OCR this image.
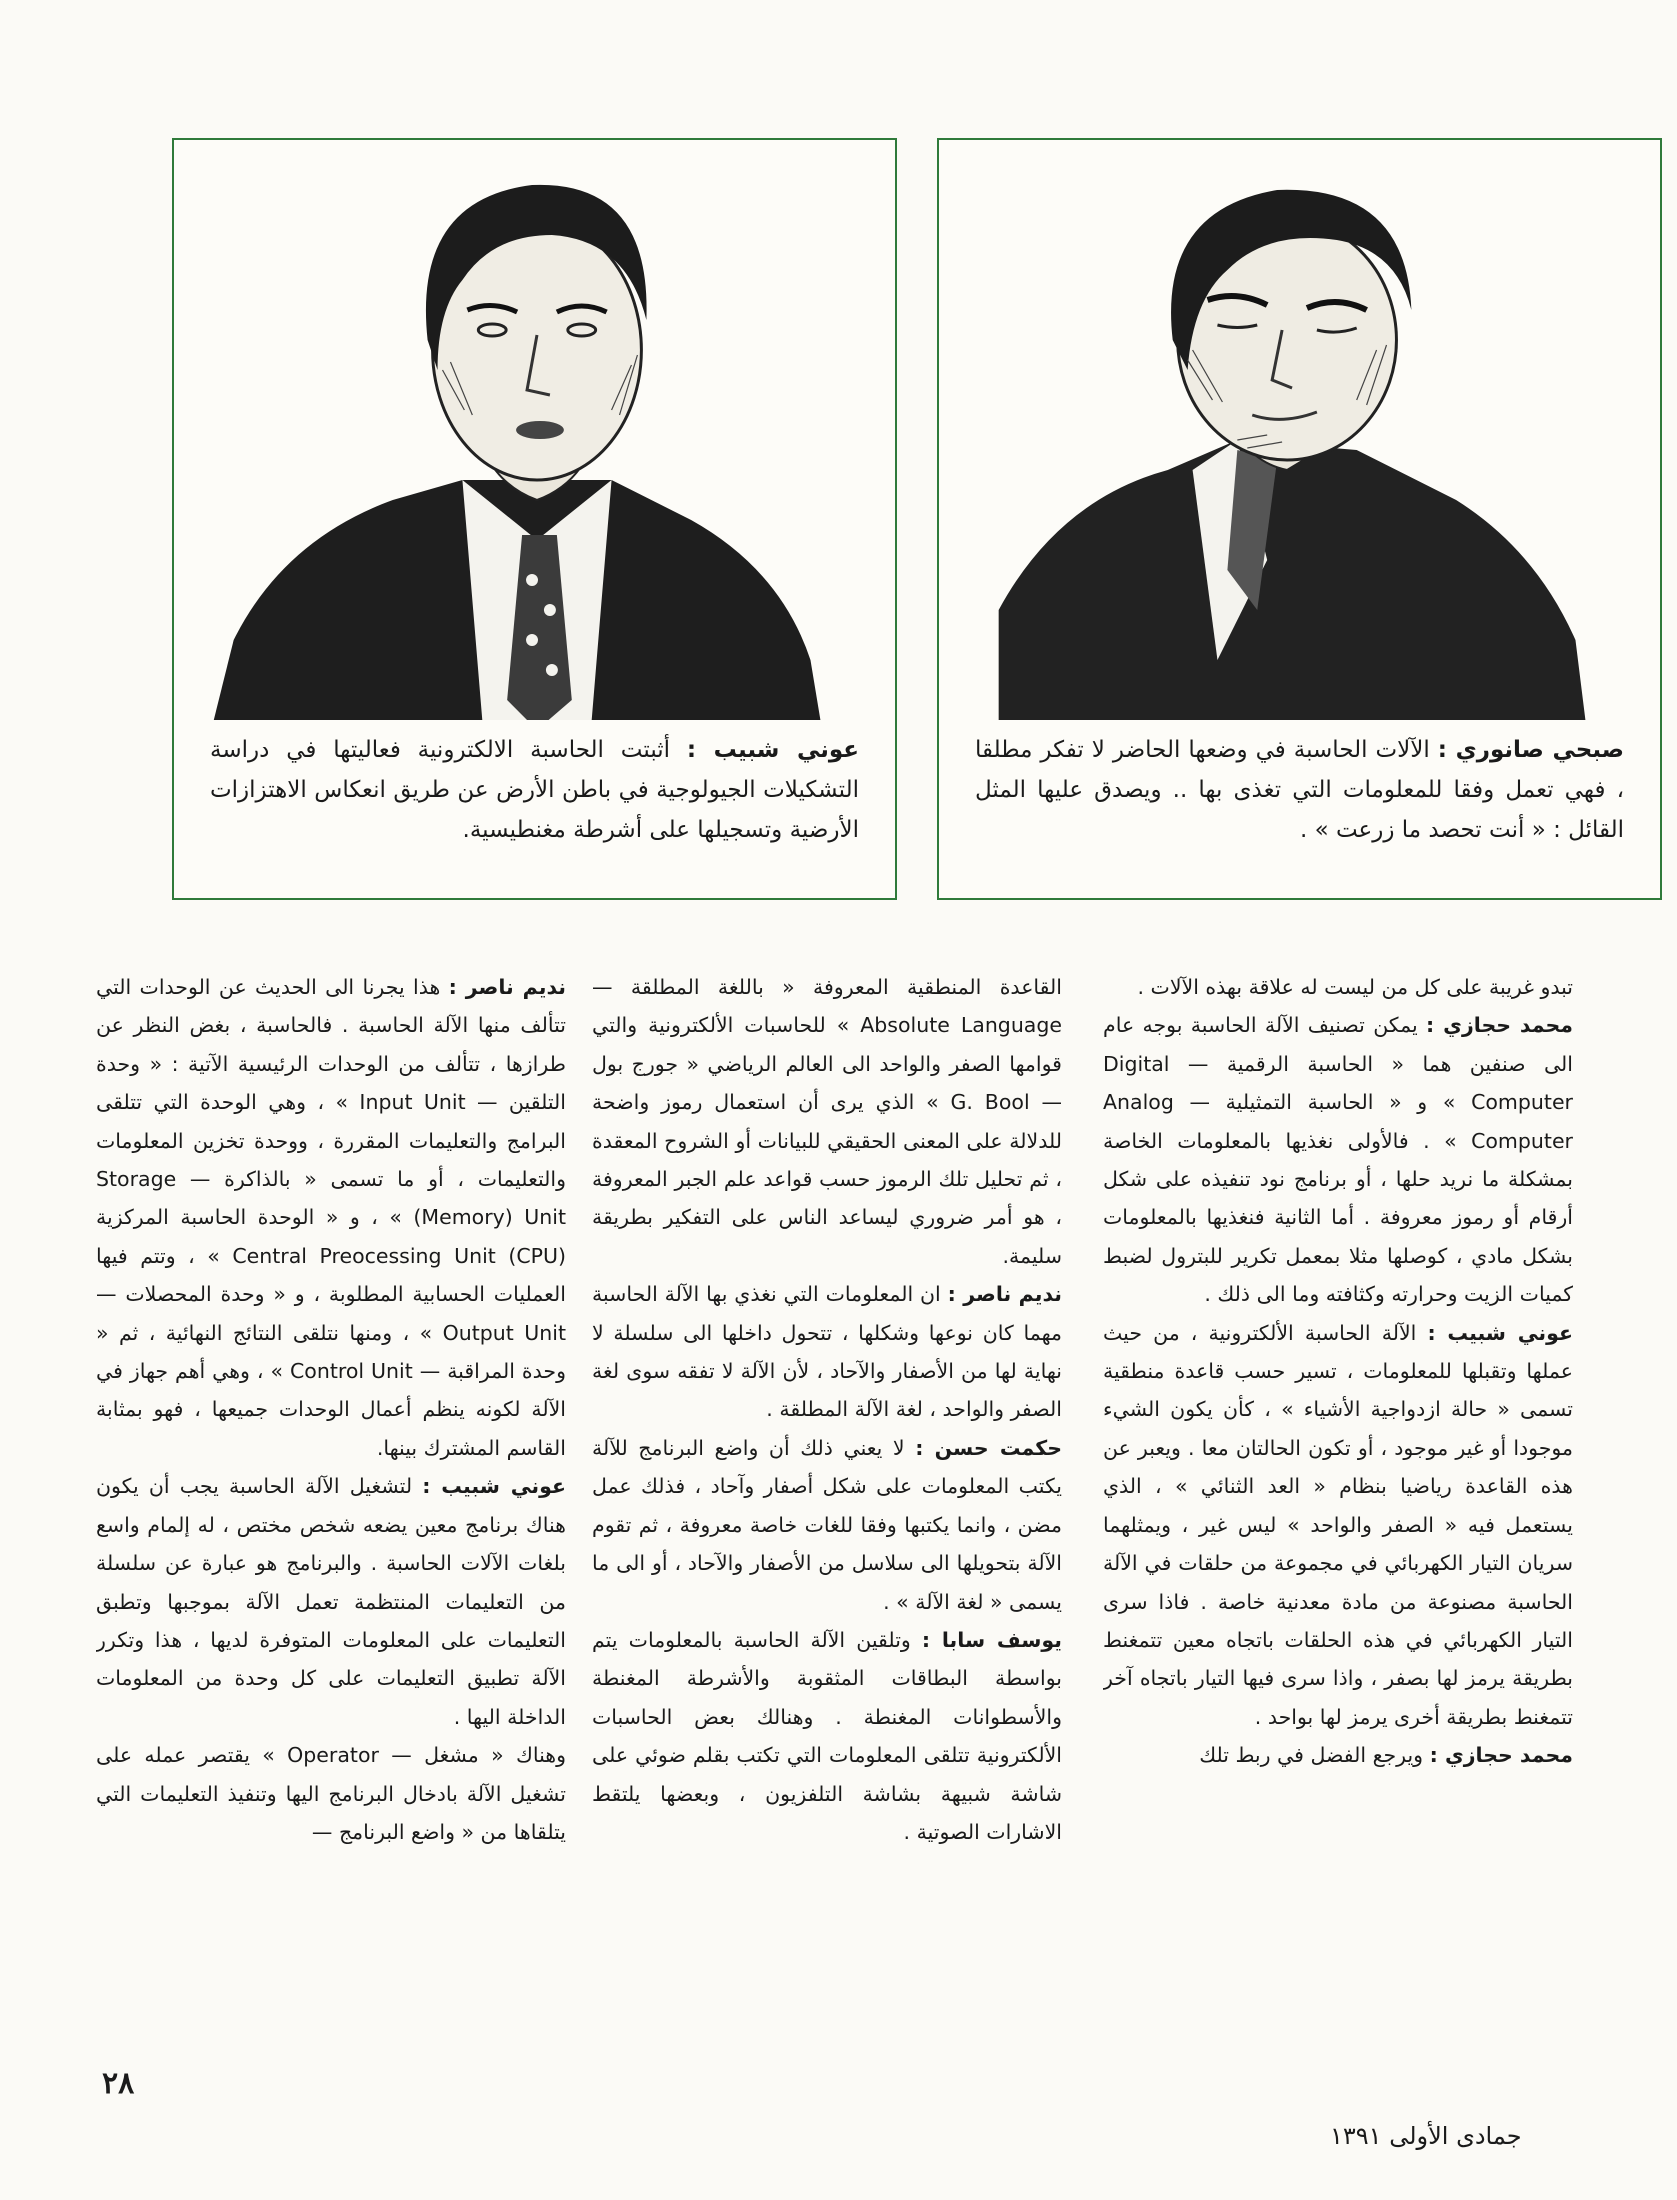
صبحي صانوري : الآلات الحاسبة في وضعها الحاضر لا تفكر مطلقا ، فهي تعمل وفقا للمعلومات التي تغذى بها .. ويصدق عليها المثل القائل : « أنت تحصد ما زرعت » .
عوني شبيب : أثبتت الحاسبة الالكترونية فعاليتها في دراسة التشكيلات الجيولوجية في باطن الأرض عن طريق انعكاس الاهتزازات الأرضية وتسجيلها على أشرطة مغنطيسية.

تبدو غريبة على كل من ليست له علاقة بهذه الآلات .

محمد حجازي : يمكن تصنيف الآلة الحاسبة بوجه عام الى صنفين هما « الحاسبة الرقمية — Digital Computer » و « الحاسبة التمثيلية — Analog Computer » . فالأولى نغذيها بالمعلومات الخاصة بمشكلة ما نريد حلها ، أو برنامج نود تنفيذه على شكل أرقام أو رموز معروفة . أما الثانية فنغذيها بالمعلومات بشكل مادي ، كوصلها مثلا بمعمل تكرير للبترول لضبط كميات الزيت وحرارته وكثافته وما الى ذلك .

عوني شبيب : الآلة الحاسبة الألكترونية ، من حيث عملها وتقبلها للمعلومات ، تسير حسب قاعدة منطقية تسمى « حالة ازدواجية الأشياء » ، كأن يكون الشيء موجودا أو غير موجود ، أو تكون الحالتان معا . ويعبر عن هذه القاعدة رياضيا بنظام « العد الثنائي » ، الذي يستعمل فيه « الصفر والواحد » ليس غير ، ويمثلهما سريان التيار الكهربائي في مجموعة من حلقات في الآلة الحاسبة مصنوعة من مادة معدنية خاصة . فاذا سرى التيار الكهربائي في هذه الحلقات باتجاه معين تتمغنط بطريقة يرمز لها بصفر ، واذا سرى فيها التيار باتجاه آخر تتمغنط بطريقة أخرى يرمز لها بواحد .

محمد حجازي : ويرجع الفضل في ربط تلك

القاعدة المنطقية المعروفة « باللغة المطلقة — Absolute Language » للحاسبات الألكترونية والتي قوامها الصفر والواحد الى العالم الرياضي « جورج بول — G. Bool » الذي يرى أن استعمال رموز واضحة للدلالة على المعنى الحقيقي للبيانات أو الشروح المعقدة ، ثم تحليل تلك الرموز حسب قواعد علم الجبر المعروفة ، هو أمر ضروري ليساعد الناس على التفكير بطريقة سليمة.

نديم ناصر : ان المعلومات التي نغذي بها الآلة الحاسبة مهما كان نوعها وشكلها ، تتحول داخلها الى سلسلة لا نهاية لها من الأصفار والآحاد ، لأن الآلة لا تفقه سوى لغة الصفر والواحد ، لغة الآلة المطلقة .

حكمت حسن : لا يعني ذلك أن واضع البرنامج للآلة يكتب المعلومات على شكل أصفار وآحاد ، فذلك عمل مضن ، وانما يكتبها وفقا للغات خاصة معروفة ، ثم تقوم الآلة بتحويلها الى سلاسل من الأصفار والآحاد ، أو الى ما يسمى « لغة الآلة » .

يوسف سابا : وتلقين الآلة الحاسبة بالمعلومات يتم بواسطة البطاقات المثقوبة والأشرطة المغنطة والأسطوانات المغنطة . وهنالك بعض الحاسبات الألكترونية تتلقى المعلومات التي تكتب بقلم ضوئي على شاشة شبيهة بشاشة التلفزيون ، وبعضها يلتقط الاشارات الصوتية .

نديم ناصر : هذا يجرنا الى الحديث عن الوحدات التي تتألف منها الآلة الحاسبة . فالحاسبة ، بغض النظر عن طرازها ، تتألف من الوحدات الرئيسية الآتية : « وحدة التلقين — Input Unit » ، وهي الوحدة التي تتلقى البرامج والتعليمات المقررة ، ووحدة تخزين المعلومات والتعليمات ، أو ما تسمى « بالذاكرة — Storage (Memory) Unit » ، و « الوحدة الحاسبة المركزية Central Preocessing Unit (CPU) » ، وتتم فيها العمليات الحسابية المطلوبة ، و « وحدة المحصلات — Output Unit » ، ومنها نتلقى النتائج النهائية ، ثم « وحدة المراقبة — Control Unit » ، وهي أهم جهاز في الآلة لكونه ينظم أعمال الوحدات جميعها ، فهو بمثابة القاسم المشترك بينها.

عوني شبيب : لتشغيل الآلة الحاسبة يجب أن يكون هناك برنامج معين يضعه شخص مختص ، له إلمام واسع بلغات الآلات الحاسبة . والبرنامج هو عبارة عن سلسلة من التعليمات المنتظمة تعمل الآلة بموجبها وتطبق التعليمات على المعلومات المتوفرة لديها ، هذا وتكرر الآلة تطبيق التعليمات على كل وحدة من المعلومات الداخلة اليها .

وهناك « مشغل — Operator » يقتصر عمله على تشغيل الآلة بادخال البرنامج اليها وتنفيذ التعليمات التي يتلقاها من « واضع البرنامج —

٢٨
جمادى الأولى ١٣٩١
